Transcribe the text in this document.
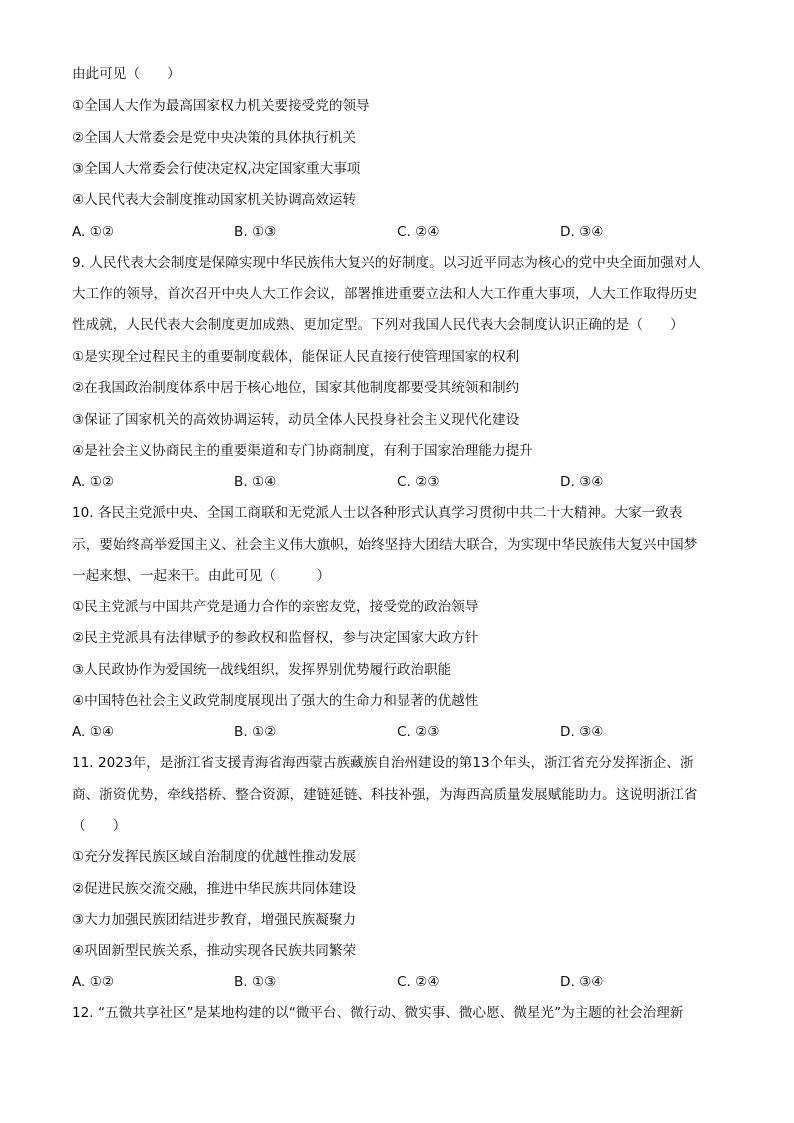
由此可见（　　）
①全国人大作为最高国家权力机关要接受党的领导
②全国人大常委会是党中央决策的具体执行机关
③全国人大常委会行使决定权,决定国家重大事项
④人民代表大会制度推动国家机关协调高效运转
A. ①②	B. ①③	C. ②④	D. ③④
9. 人民代表大会制度是保障实现中华民族伟大复兴的好制度。以习近平同志为核心的党中央全面加强对人
大工作的领导，首次召开中央人大工作会议，部署推进重要立法和人大工作重大事项，人大工作取得历史
性成就，人民代表大会制度更加成熟、更加定型。下列对我国人民代表大会制度认识正确的是（　　）
①是实现全过程民主的重要制度载体，能保证人民直接行使管理国家的权利
②在我国政治制度体系中居于核心地位，国家其他制度都要受其统领和制约
③保证了国家机关的高效协调运转，动员全体人民投身社会主义现代化建设
④是社会主义协商民主的重要渠道和专门协商制度，有利于国家治理能力提升
A. ①②	B. ①④	C. ②③	D. ③④
10. 各民主党派中央、全国工商联和无党派人士以各种形式认真学习贯彻中共二十大精神。大家一致表
示，要始终高举爱国主义、社会主义伟大旗帜，始终坚持大团结大联合，为实现中华民族伟大复兴中国梦
一起来想、一起来干。由此可见（　　　）
①民主党派与中国共产党是通力合作的亲密友党，接受党的政治领导
②民主党派具有法律赋予的参政权和监督权，参与决定国家大政方针
③人民政协作为爱国统一战线组织，发挥界别优势履行政治职能
④中国特色社会主义政党制度展现出了强大的生命力和显著的优越性
A. ①④	B. ①②	C. ②③	D. ③④
11. 2023年，是浙江省支援青海省海西蒙古族藏族自治州建设的第13个年头，浙江省充分发挥浙企、浙
商、浙资优势，牵线搭桥、整合资源，建链延链、科技补强，为海西高质量发展赋能助力。这说明浙江省
（　　）
①充分发挥民族区域自治制度的优越性推动发展
②促进民族交流交融，推进中华民族共同体建设
③大力加强民族团结进步教育，增强民族凝聚力
④巩固新型民族关系，推动实现各民族共同繁荣
A. ①②	B. ①③	C. ②④	D. ③④
12. “五微共享社区”是某地构建的以“微平台、微行动、微实事、微心愿、微星光”为主题的社会治理新
